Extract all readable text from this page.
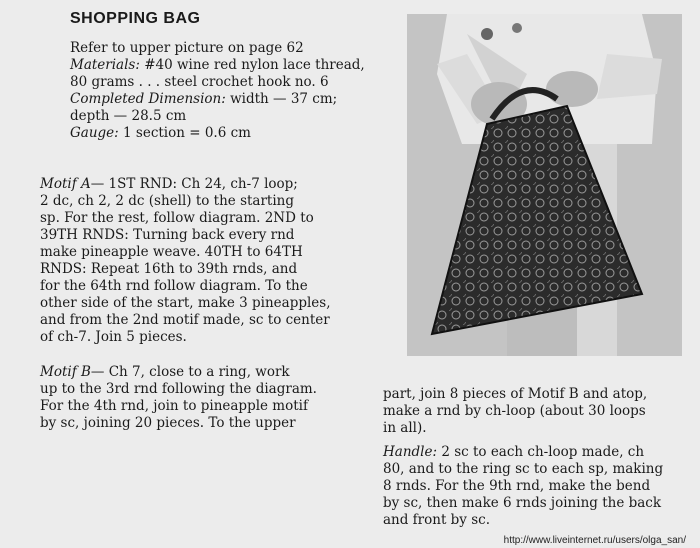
SHOPPING BAG

Refer to upper picture on page 62

Materials: #40 wine red nylon lace thread,

80 grams . . . steel crochet hook no. 6

Completed Dimension: width — 37 cm;

depth — 28.5 cm

Gauge: 1 section = 0.6 cm

Motif A— 1ST RND: Ch 24, ch-7 loop;

2 dc, ch 2, 2 dc (shell) to the starting

sp. For the rest, follow diagram. 2ND to

39TH RNDS: Turning back every rnd

make pineapple weave. 40TH to 64TH

RNDS: Repeat 16th to 39th rnds, and

for the 64th rnd follow diagram. To the

other side of the start, make 3 pineapples,

and from the 2nd motif made, sc to center

of ch-7. Join 5 pieces.

Motif B— Ch 7, close to a ring, work

up to the 3rd rnd following the diagram.

For the 4th rnd, join to pineapple motif

by sc, joining 20 pieces. To the upper

part, join 8 pieces of Motif B and atop,

make a rnd by ch-loop (about 30 loops

in all).

Handle: 2 sc to each ch-loop made, ch

80, and to the ring sc to each sp, making

8 rnds. For the 9th rnd, make the bend

by sc, then make 6 rnds joining the back

and front by sc.

http://www.liveinternet.ru/users/olga_san/
